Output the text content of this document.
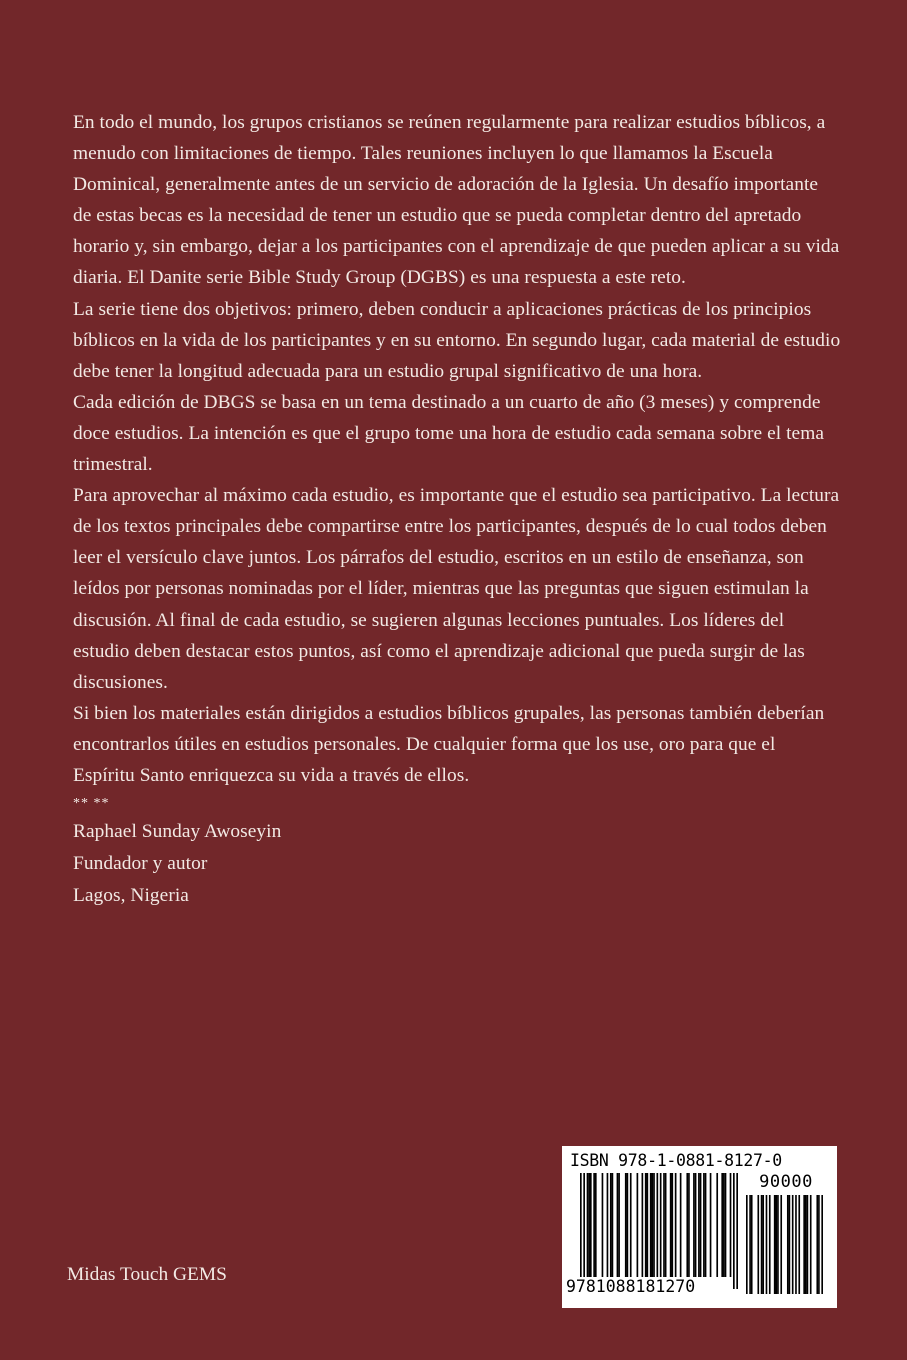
En todo el mundo, los grupos cristianos se reúnen regularmente para realizar estudios bíblicos, a menudo con limitaciones de tiempo. Tales reuniones incluyen lo que llamamos la Escuela Dominical, generalmente antes de un servicio de adoración de la Iglesia. Un desafío importante de estas becas es la necesidad de tener un estudio que se pueda completar dentro del apretado horario y, sin embargo, dejar a los participantes con el aprendizaje de que pueden aplicar a su vida diaria. El Danite serie Bible Study Group (DGBS) es una respuesta a este reto.

La serie tiene dos objetivos: primero, deben conducir a aplicaciones prácticas de los principios bíblicos en la vida de los participantes y en su entorno. En segundo lugar, cada material de estudio debe tener la longitud adecuada para un estudio grupal significativo de una hora.

Cada edición de DBGS se basa en un tema destinado a un cuarto de año (3 meses) y comprende doce estudios. La intención es que el grupo tome una hora de estudio cada semana sobre el tema trimestral.

Para aprovechar al máximo cada estudio, es importante que el estudio sea participativo. La lectura de los textos principales debe compartirse entre los participantes, después de lo cual todos deben leer el versículo clave juntos. Los párrafos del estudio, escritos en un estilo de enseñanza, son leídos por personas nominadas por el líder, mientras que las preguntas que siguen estimulan la discusión. Al final de cada estudio, se sugieren algunas lecciones puntuales. Los líderes del estudio deben destacar estos puntos, así como el aprendizaje adicional que pueda surgir de las discusiones.

Si bien los materiales están dirigidos a estudios bíblicos grupales, las personas también deberían encontrarlos útiles en estudios personales. De cualquier forma que los use, oro para que el Espíritu Santo enriquezca su vida a través de ellos.

** **

Raphael Sunday Awoseyin
Fundador y autor
Lagos, Nigeria
Midas Touch GEMS
ISBN 978-1-0881-8127-0
90000
9781088181270
